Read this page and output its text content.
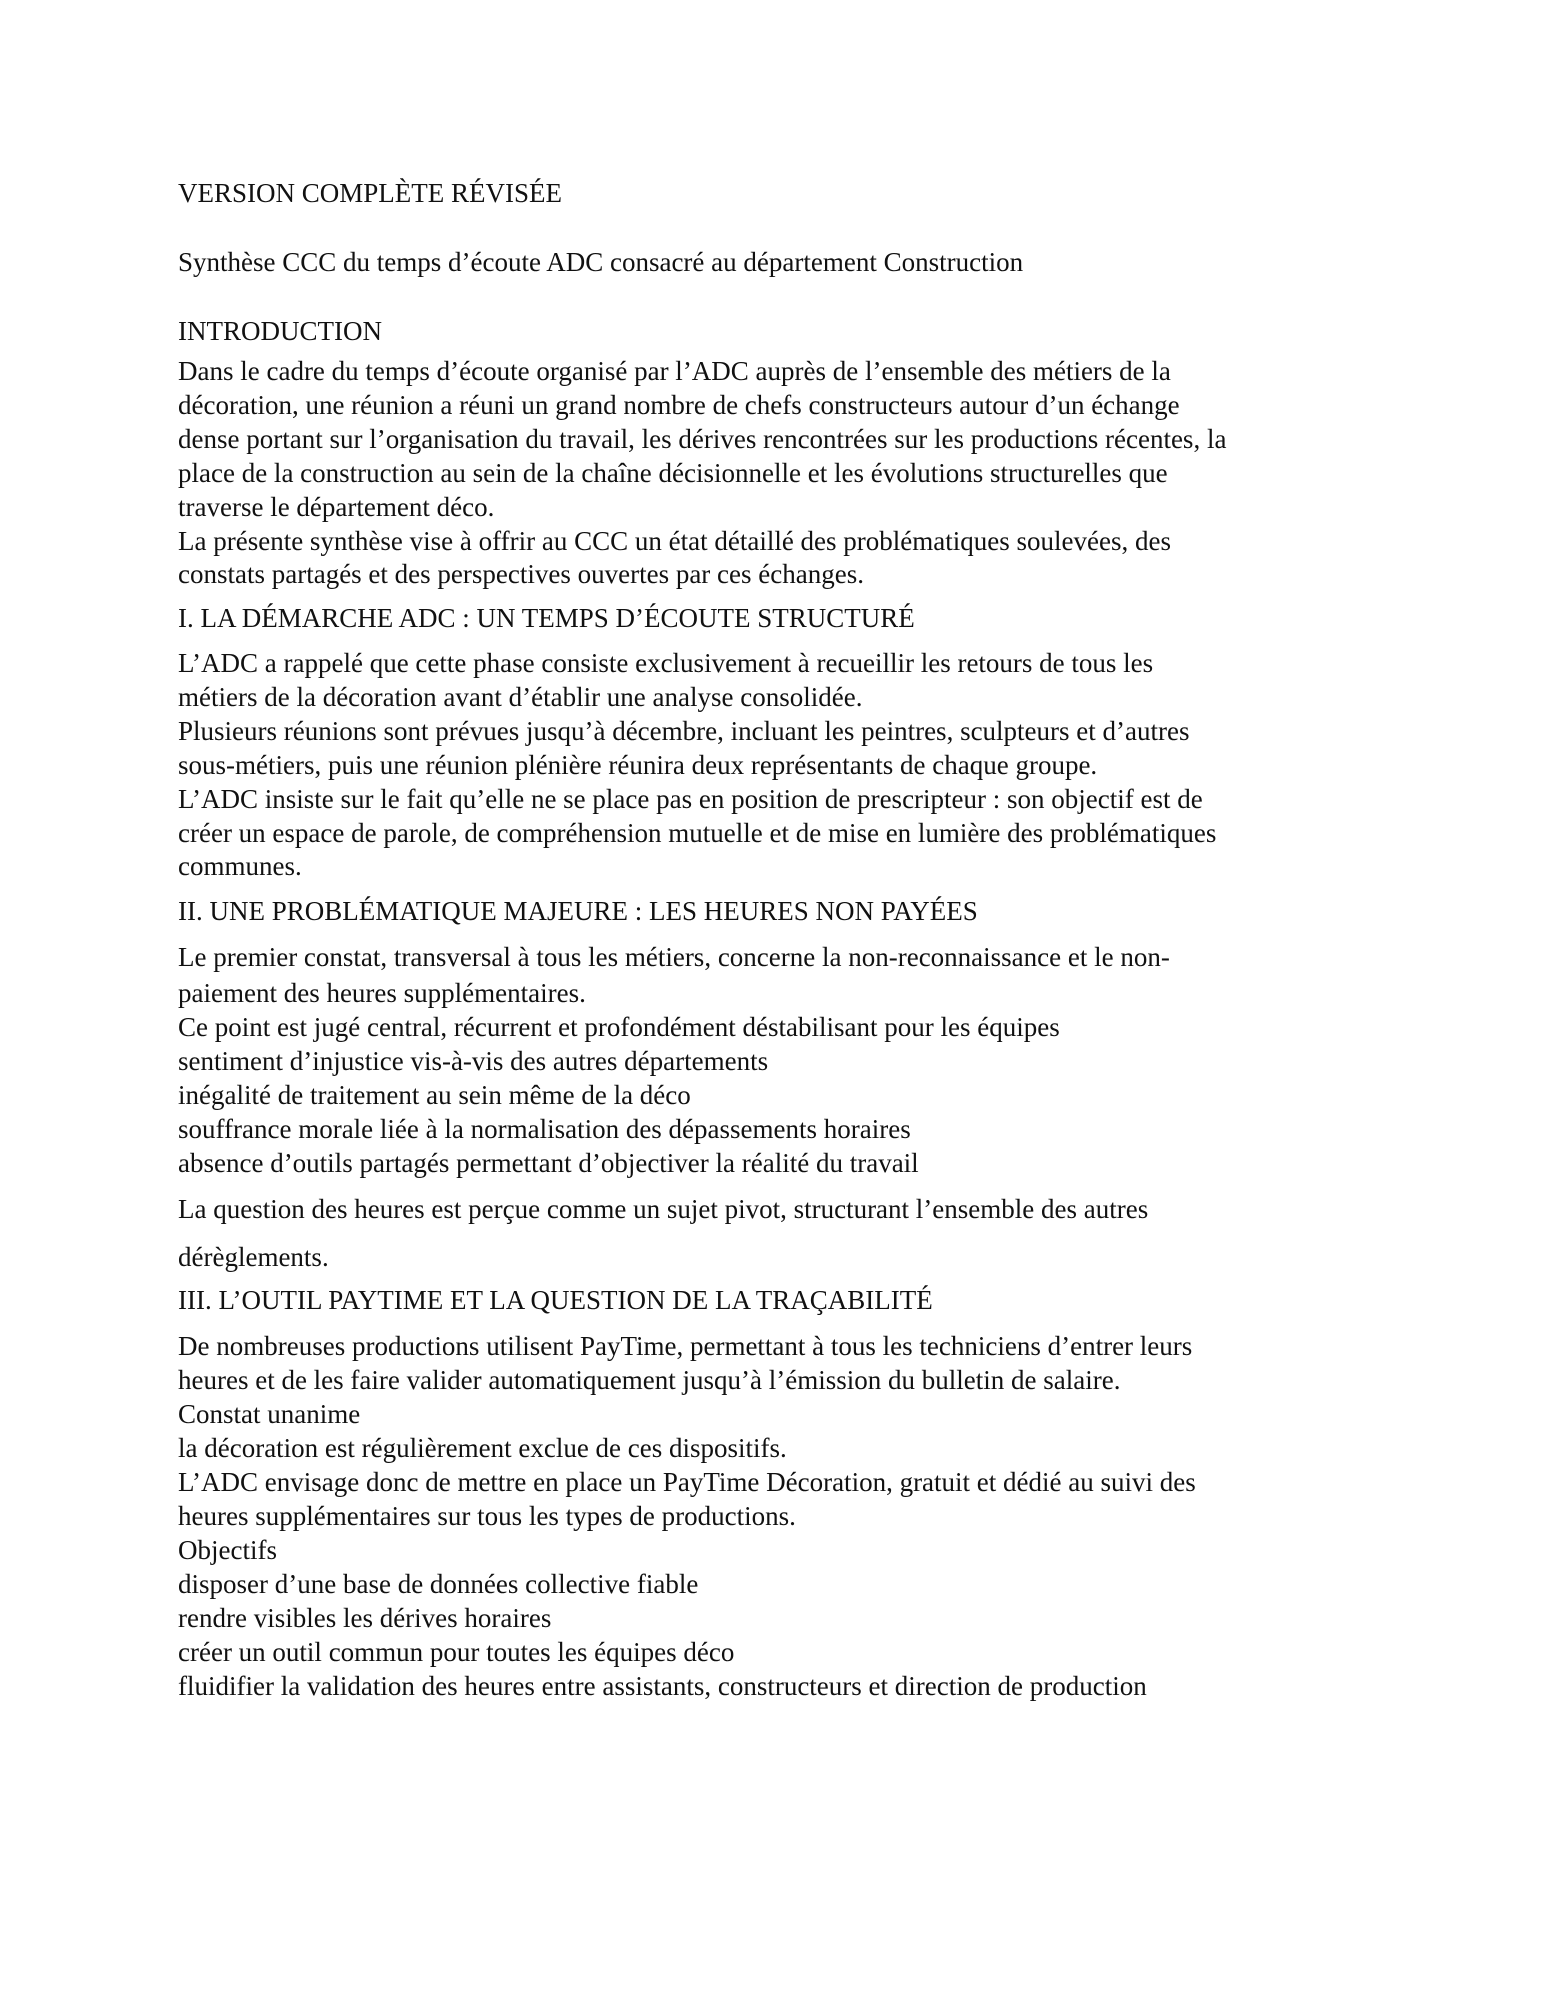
VERSION COMPLÈTE RÉVISÉE
Synthèse CCC du temps d’écoute ADC consacré au département Construction
INTRODUCTION
Dans le cadre du temps d’écoute organisé par l’ADC auprès de l’ensemble des métiers de la
décoration, une réunion a réuni un grand nombre de chefs constructeurs autour d’un échange
dense portant sur l’organisation du travail, les dérives rencontrées sur les productions récentes, la
place de la construction au sein de la chaîne décisionnelle et les évolutions structurelles que
traverse le département déco.
La présente synthèse vise à offrir au CCC un état détaillé des problématiques soulevées, des
constats partagés et des perspectives ouvertes par ces échanges.
I. LA DÉMARCHE ADC : UN TEMPS D’ÉCOUTE STRUCTURÉ
L’ADC a rappelé que cette phase consiste exclusivement à recueillir les retours de tous les
métiers de la décoration avant d’établir une analyse consolidée.
Plusieurs réunions sont prévues jusqu’à décembre, incluant les peintres, sculpteurs et d’autres
sous-métiers, puis une réunion plénière réunira deux représentants de chaque groupe.
L’ADC insiste sur le fait qu’elle ne se place pas en position de prescripteur : son objectif est de
créer un espace de parole, de compréhension mutuelle et de mise en lumière des problématiques
communes.
II. UNE PROBLÉMATIQUE MAJEURE : LES HEURES NON PAYÉES
Le premier constat, transversal à tous les métiers, concerne la non-reconnaissance et le non-
paiement des heures supplémentaires.
Ce point est jugé central, récurrent et profondément déstabilisant pour les équipes
sentiment d’injustice vis-à-vis des autres départements
inégalité de traitement au sein même de la déco
souffrance morale liée à la normalisation des dépassements horaires
absence d’outils partagés permettant d’objectiver la réalité du travail
La question des heures est perçue comme un sujet pivot, structurant l’ensemble des autres
dérèglements.
III. L’OUTIL PAYTIME ET LA QUESTION DE LA TRAÇABILITÉ
De nombreuses productions utilisent PayTime, permettant à tous les techniciens d’entrer leurs
heures et de les faire valider automatiquement jusqu’à l’émission du bulletin de salaire.
Constat unanime
la décoration est régulièrement exclue de ces dispositifs.
L’ADC envisage donc de mettre en place un PayTime Décoration, gratuit et dédié au suivi des
heures supplémentaires sur tous les types de productions.
Objectifs
disposer d’une base de données collective fiable
rendre visibles les dérives horaires
créer un outil commun pour toutes les équipes déco
fluidifier la validation des heures entre assistants, constructeurs et direction de production
